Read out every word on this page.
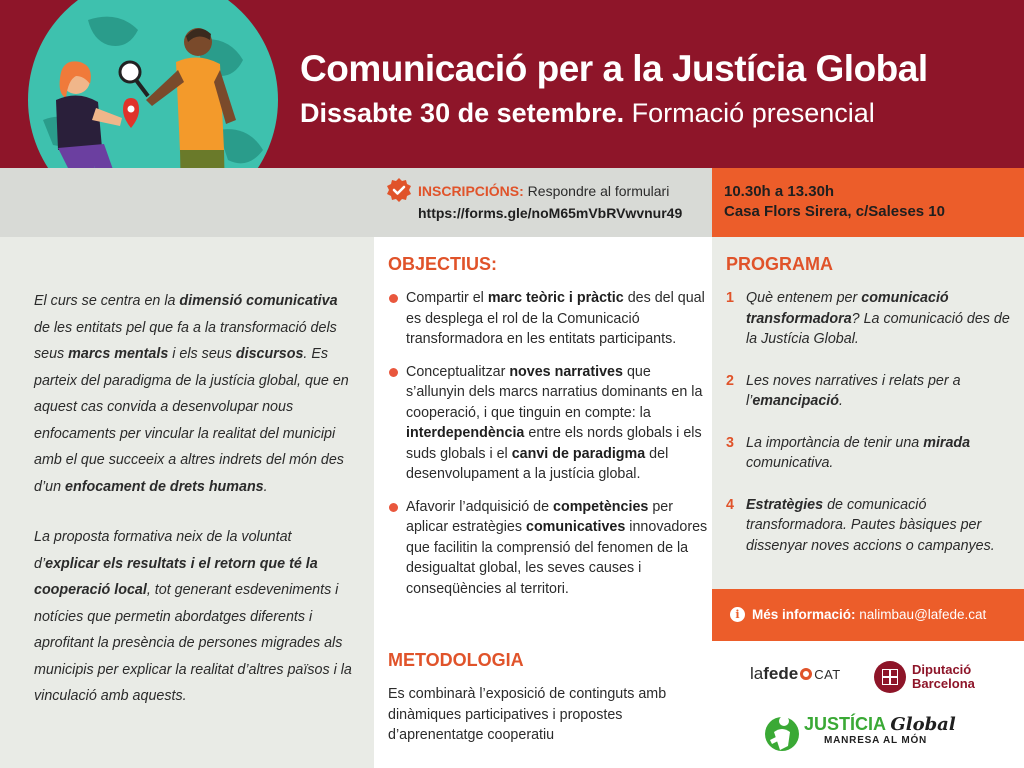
Comunicació per a la Justícia Global
Dissabte 30 de setembre. Formació presencial
INSCRIPCIÓNS: Respondre al formulari
https://forms.gle/noM65mVbRVwvnur49
10.30h a 13.30h
Casa Flors Sirera, c/Saleses 10

El curs se centra en la dimensió comunicativa de les entitats pel que fa a la transformació dels seus marcs mentals i els seus discursos. Es parteix del paradigma de la justícia global, que en aquest cas convida a desenvolupar nous enfocaments per vincular la realitat del municipi amb el que succeeix a altres indrets del món des d’un enfocament de drets humans.

La proposta formativa neix de la voluntat d’explicar els resultats i el retorn que té la cooperació local, tot generant esdeveniments i notícies que permetin abordatges diferents i aprofitant la presència de persones migrades als municipis per explicar la realitat d’altres països i la vinculació amb aquests.

OBJECTIUS:
Compartir el marc teòric i pràctic des del qual es desplega el rol de la Comunicació transformadora en les entitats participants.
Conceptualitzar noves narratives que s’allunyin dels marcs narratius dominants en la cooperació, i que tinguin en compte: la interdependència entre els nords globals i els suds globals i el canvi de paradigma del desenvolupament a la justícia global.
Afavorir l’adquisició de competències per aplicar estratègies comunicatives innovadores que facilitin la comprensió del fenomen de la desigualtat global, les seves causes i conseqüències al territori.
METODOLOGIA
Es combinarà l’exposició de continguts amb dinàmiques participatives i propostes d’aprenentatge cooperatiu
PROGRAMA
1 Què entenem per comunicació transformadora? La comunicació des de la Justícia Global.
2 Les noves narratives i relats per a l’emancipació.
3 La importància de tenir una mirada comunicativa.
4 Estratègies de comunicació transformadora. Pautes bàsiques per dissenyar noves accions o campanyes.
i Més informació: nalimbau@lafede.cat
lafede CAT	Diputació
Barcelona
JUSTÍCIA Global
MANRESA AL MÓN
